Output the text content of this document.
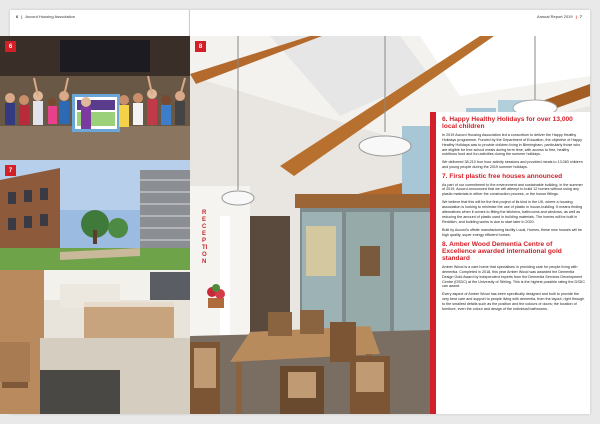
6 | Accord Housing Association	Annual Report 2019 | 7
6
7
8
RECEPTION
6. Happy Healthy Holidays for over 13,000 local children

In 2019 Accord Housing Association led a consortium to deliver the Happy Healthy Holidays programme. Funded by the Department of Education, the objective of Happy Healthy Holidays was to provide children living in Birmingham, particularly those who are eligible for free school meals during term time, with access to free, healthy nutritious food and fun activities during the summer holidays.

We delivered 38,210 four hour activity sessions and provided meals to 13,083 children and young people during the 2019 summer holidays.

7. First plastic free houses announced

As part of our commitment to the environment and sustainable building, in the summer of 2019, Accord announced that we will attempt to build 12 homes without using any plastic materials in either the construction process, or the house fittings.

We believe that this will be the first project of its kind in the UK, where a housing association is looking to minimise the use of plastic in house-building. It means finding alternatives when it comes to fitting the kitchens, bathrooms and windows, as well as reducing the amount of plastic used in building materials. The homes will be built in Redditch, and building works is due to start later in 2020.

Built by Accord's offsite manufacturing facility Local, Homes, these new houses will be high quality, super energy efficient homes.

8. Amber Wood Dementia Centre of Excellence awarded international gold standard

Amber Wood is a care home that specialises in providing care for people living with dementia. Completed in 2018, this year Amber Wood was awarded the Dementia Design Gold Award by independent experts from the Dementia Services Development Centre (DSDC) at the University of Stirling. This is the highest possible rating the DSDC can award.

Every aspect of Amber Wood has been specifically designed and built to provide the very best care and support to people living with dementia, from the layout, right through to the smallest details such as the position and the colours of doors; the location of furniture, even the colour and design of the individual bathrooms.
